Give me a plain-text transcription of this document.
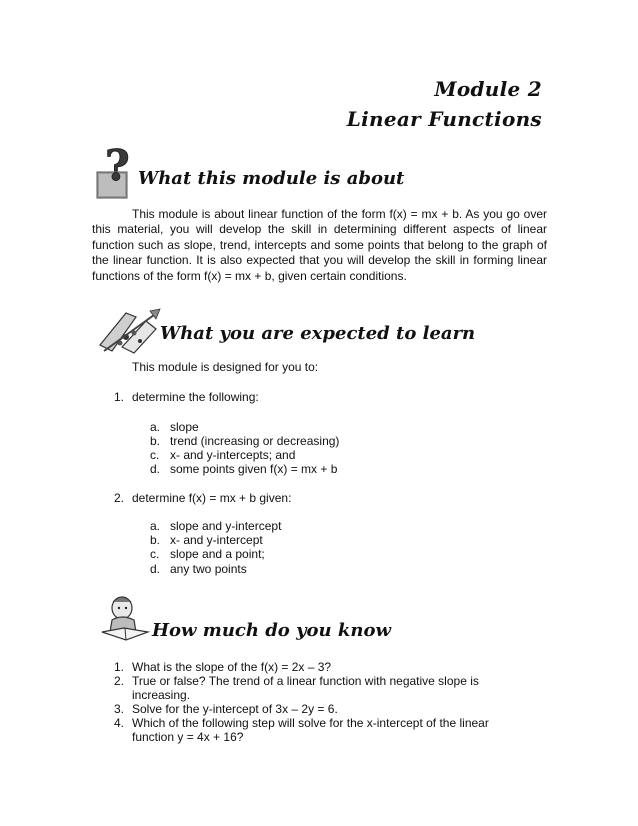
Module 2
Linear Functions
? What this module is about

This module is about linear function of the form f(x) = mx + b. As you go over this material, you will develop the skill in determining different aspects of linear function such as slope, trend, intercepts and some points that belong to the graph of the linear function. It is also expected that you will develop the skill in forming linear functions of the form f(x) = mx + b, given certain conditions.

What you are expected to learn
This module is designed for you to:
1. determine the following:
a. slope
b. trend (increasing or decreasing)
c. x- and y-intercepts; and
d. some points given f(x) = mx + b
2. determine f(x) = mx + b given:
a. slope and y-intercept
b. x- and y-intercept
c. slope and a point;
d. any two points
How much do you know
1. What is the slope of the f(x) = 2x – 3?
2. True or false? The trend of a linear function with negative slope is
increasing.
3. Solve for the y-intercept of 3x – 2y = 6.
4. Which of the following step will solve for the x-intercept of the linear
function y = 4x + 16?
